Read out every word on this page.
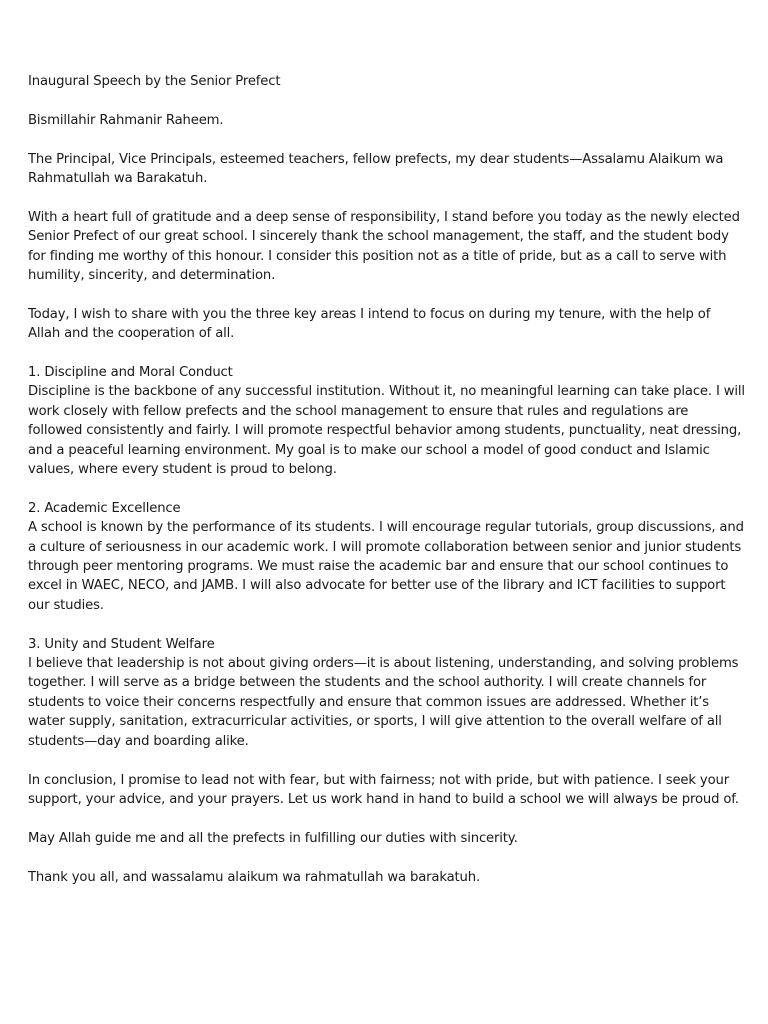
Inaugural Speech by the Senior Prefect

Bismillahir Rahmanir Raheem.

The Principal, Vice Principals, esteemed teachers, fellow prefects, my dear students—Assalamu Alaikum wa Rahmatullah wa Barakatuh.

With a heart full of gratitude and a deep sense of responsibility, I stand before you today as the newly elected Senior Prefect of our great school. I sincerely thank the school management, the staff, and the student body for finding me worthy of this honour. I consider this position not as a title of pride, but as a call to serve with humility, sincerity, and determination.

Today, I wish to share with you the three key areas I intend to focus on during my tenure, with the help of Allah and the cooperation of all.

1. Discipline and Moral Conduct
Discipline is the backbone of any successful institution. Without it, no meaningful learning can take place. I will work closely with fellow prefects and the school management to ensure that rules and regulations are followed consistently and fairly. I will promote respectful behavior among students, punctuality, neat dressing, and a peaceful learning environment. My goal is to make our school a model of good conduct and Islamic values, where every student is proud to belong.
2. Academic Excellence
A school is known by the performance of its students. I will encourage regular tutorials, group discussions, and a culture of seriousness in our academic work. I will promote collaboration between senior and junior students through peer mentoring programs. We must raise the academic bar and ensure that our school continues to excel in WAEC, NECO, and JAMB. I will also advocate for better use of the library and ICT facilities to support our studies.
3. Unity and Student Welfare
I believe that leadership is not about giving orders—it is about listening, understanding, and solving problems together. I will serve as a bridge between the students and the school authority. I will create channels for students to voice their concerns respectfully and ensure that common issues are addressed. Whether it’s water supply, sanitation, extracurricular activities, or sports, I will give attention to the overall welfare of all students—day and boarding alike.

In conclusion, I promise to lead not with fear, but with fairness; not with pride, but with patience. I seek your support, your advice, and your prayers. Let us work hand in hand to build a school we will always be proud of.

May Allah guide me and all the prefects in fulfilling our duties with sincerity.

Thank you all, and wassalamu alaikum wa rahmatullah wa barakatuh.
